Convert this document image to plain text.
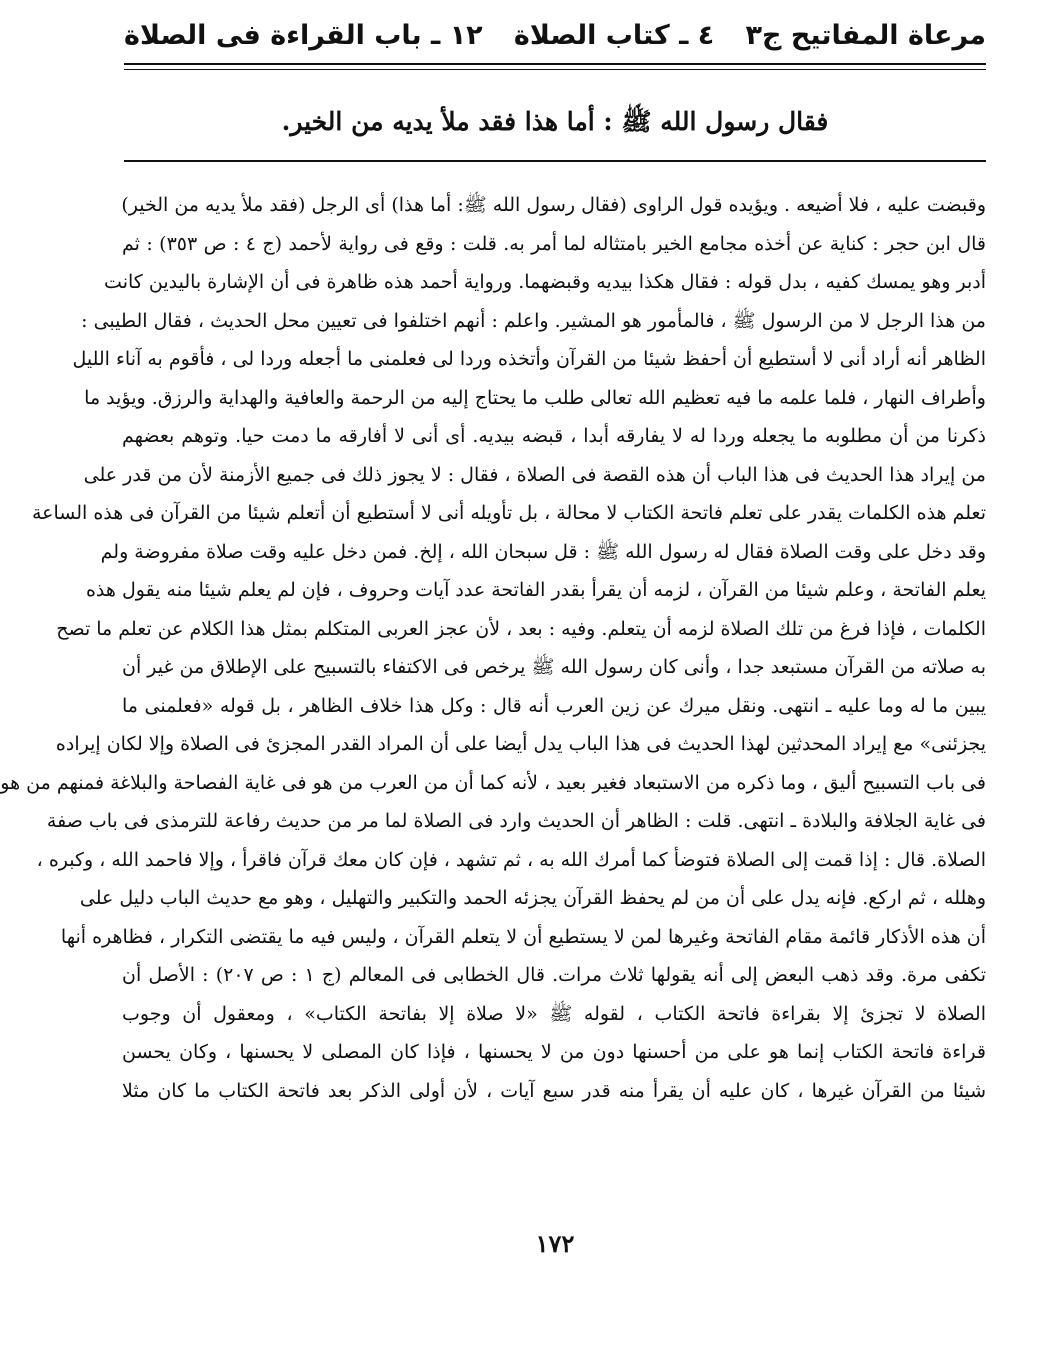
مرعاة المفاتيح ج٣
٤ ـ كتاب الصلاة
١٢ ـ باب القراءة فى الصلاة
فقال رسول الله ﷺ : أما هذا فقد ملأ يديه من الخير.
وقبضت عليه ، فلا أضيعه . ويؤيده قول الراوى (فقال رسول الله ﷺ: أما هذا) أى الرجل (فقد ملأ يديه من الخير)
قال ابن حجر : كناية عن أخذه مجامع الخير بامتثاله لما أمر به. قلت : وقع فى رواية لأحمد (ج ٤ : ص ٣٥٣) : ثم
أدبر وهو يمسك كفيه ، بدل قوله : فقال هكذا بيديه وقبضهما. ورواية أحمد هذه ظاهرة فى أن الإشارة باليدين كانت
من هذا الرجل لا من الرسول ﷺ ، فالمأمور هو المشير. واعلم : أنهم اختلفوا فى تعيين محل الحديث ، فقال الطيبى :
الظاهر أنه أراد أنى لا أستطيع أن أحفظ شيئا من القرآن وأتخذه وردا لى فعلمنى ما أجعله وردا لى ، فأقوم به آناء الليل
وأطراف النهار ، فلما علمه ما فيه تعظيم الله تعالى طلب ما يحتاج إليه من الرحمة والعافية والهداية والرزق. ويؤيد ما
ذكرنا من أن مطلوبه ما يجعله وردا له لا يفارقه أبدا ، قبضه بيديه. أى أنى لا أفارقه ما دمت حيا. وتوهم بعضهم
من إيراد هذا الحديث فى هذا الباب أن هذه القصة فى الصلاة ، فقال : لا يجوز ذلك فى جميع الأزمنة لأن من قدر على
تعلم هذه الكلمات يقدر على تعلم فاتحة الكتاب لا محالة ، بل تأويله أنى لا أستطيع أن أتعلم شيئا من القرآن فى هذه الساعة
وقد دخل على وقت الصلاة فقال له رسول الله ﷺ : قل سبحان الله ، إلخ. فمن دخل عليه وقت صلاة مفروضة ولم
يعلم الفاتحة ، وعلم شيئا من القرآن ، لزمه أن يقرأ بقدر الفاتحة عدد آيات وحروف ، فإن لم يعلم شيئا منه يقول هذه
الكلمات ، فإذا فرغ من تلك الصلاة لزمه أن يتعلم. وفيه : بعد ، لأن عجز العربى المتكلم بمثل هذا الكلام عن تعلم ما تصح
به صلاته من القرآن مستبعد جدا ، وأنى كان رسول الله ﷺ يرخص فى الاكتفاء بالتسبيح على الإطلاق من غير أن
يبين ما له وما عليه ـ انتهى. ونقل ميرك عن زين العرب أنه قال : وكل هذا خلاف الظاهر ، بل قوله «فعلمنى ما
يجزئنى» مع إيراد المحدثين لهذا الحديث فى هذا الباب يدل أيضا على أن المراد القدر المجزئ فى الصلاة وإلا لكان إيراده
فى باب التسبيح أليق ، وما ذكره من الاستبعاد فغير بعيد ، لأنه كما أن من العرب من هو فى غاية الفصاحة والبلاغة فمنهم من هو
فى غاية الجلافة والبلادة ـ انتهى. قلت : الظاهر أن الحديث وارد فى الصلاة لما مر من حديث رفاعة للترمذى فى باب صفة
الصلاة. قال : إذا قمت إلى الصلاة فتوضأ كما أمرك الله به ، ثم تشهد ، فإن كان معك قرآن فاقرأ ، وإلا فاحمد الله ، وكبره ،
وهلله ، ثم اركع. فإنه يدل على أن من لم يحفظ القرآن يجزئه الحمد والتكبير والتهليل ، وهو مع حديث الباب دليل على
أن هذه الأذكار قائمة مقام الفاتحة وغيرها لمن لا يستطيع أن لا يتعلم القرآن ، وليس فيه ما يقتضى التكرار ، فظاهره أنها
تكفى مرة. وقد ذهب البعض إلى أنه يقولها ثلاث مرات. قال الخطابى فى المعالم (ج ١ : ص ٢٠٧) : الأصل أن
الصلاة لا تجزئ إلا بقراءة فاتحة الكتاب ، لقوله ﷺ «لا صلاة إلا بفاتحة الكتاب» ، ومعقول أن وجوب
قراءة فاتحة الكتاب إنما هو على من أحسنها دون من لا يحسنها ، فإذا كان المصلى لا يحسنها ، وكان يحسن
شيئا من القرآن غيرها ، كان عليه أن يقرأ منه قدر سبع آيات ، لأن أولى الذكر بعد فاتحة الكتاب ما كان مثلا
١٧٢
